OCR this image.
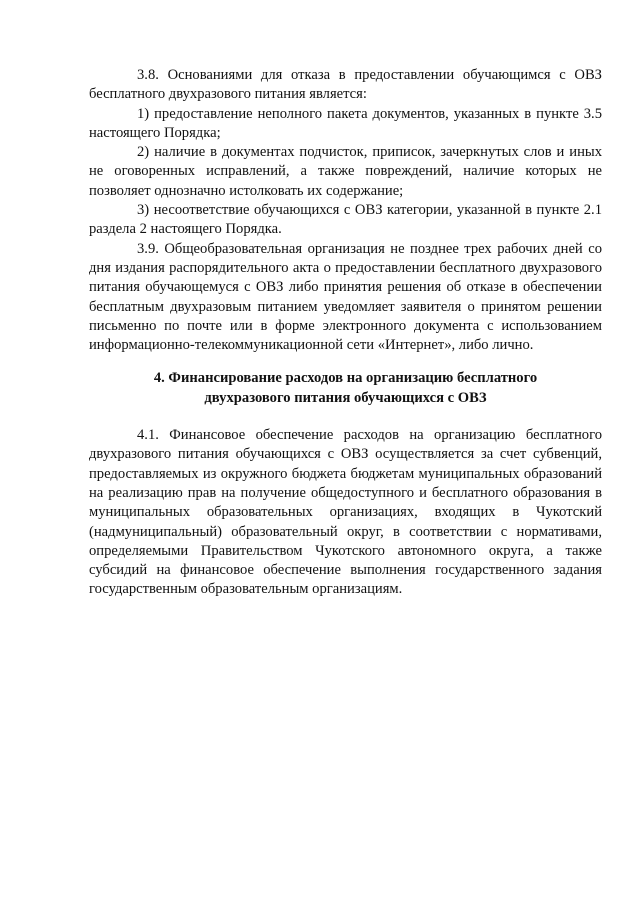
3.8. Основаниями для отказа в предоставлении обучающимся с ОВЗ бесплатного двухразового питания является:

1) предоставление неполного пакета документов, указанных в пункте 3.5 настоящего Порядка;

2) наличие в документах подчисток, приписок, зачеркнутых слов и иных не оговоренных исправлений, а также повреждений, наличие которых не позволяет однозначно истолковать их содержание;

3) несоответствие обучающихся с ОВЗ категории, указанной в пункте 2.1 раздела 2 настоящего Порядка.

3.9. Общеобразовательная организация не позднее трех рабочих дней со дня издания распорядительного акта о предоставлении бесплатного двухразового питания обучающемуся с ОВЗ либо принятия решения об отказе в обеспечении бесплатным двухразовым питанием уведомляет заявителя о принятом решении письменно по почте или в форме электронного документа с использованием информационно-телекоммуникационной сети «Интернет», либо лично.

4. Финансирование расходов на организацию бесплатного
двухразового питания обучающихся с ОВЗ

4.1. Финансовое обеспечение расходов на организацию бесплатного двухразового питания обучающихся с ОВЗ осуществляется за счет субвенций, предоставляемых из окружного бюджета бюджетам муниципальных образований на реализацию прав на получение общедоступного и бесплатного образования в муниципальных образовательных организациях, входящих в Чукотский (надмуниципальный) образовательный округ, в соответствии с нормативами, определяемыми Правительством Чукотского автономного округа, а также субсидий на финансовое обеспечение выполнения государственного задания государственным образовательным организациям.
